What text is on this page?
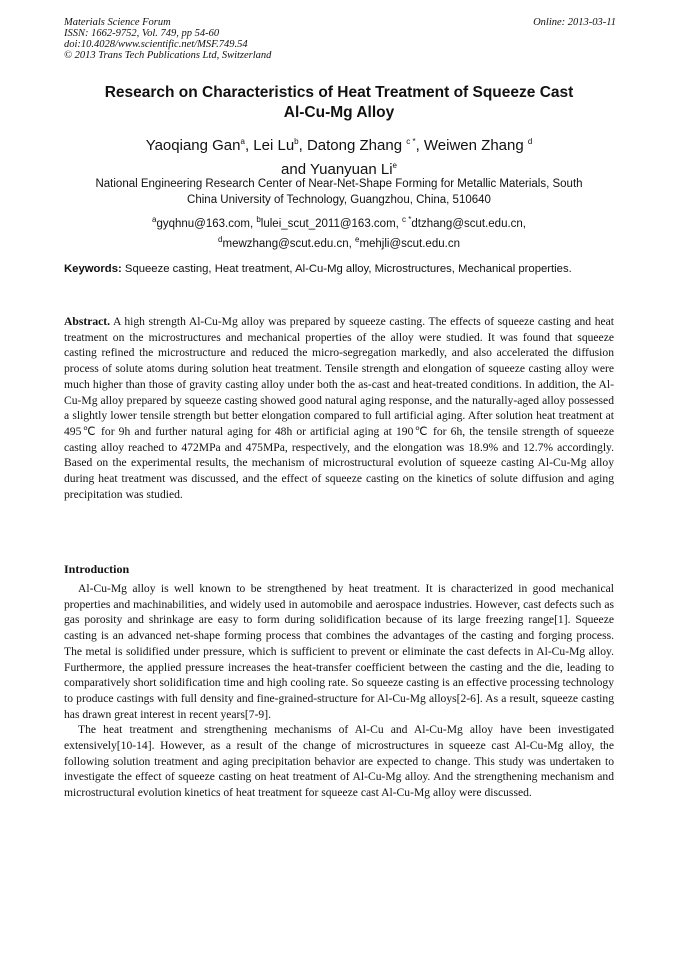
Materials Science Forum
ISSN: 1662-9752, Vol. 749, pp 54-60
doi:10.4028/www.scientific.net/MSF.749.54
© 2013 Trans Tech Publications Ltd, Switzerland
Online: 2013-03-11
Research on Characteristics of Heat Treatment of Squeeze Cast
Al-Cu-Mg Alloy
Yaoqiang Gan$^a$, Lei Lu$^b$, Datong Zhang $^{c *}$, Weiwen Zhang $^d$
and Yuanyuan Li$^e$
National Engineering Research Center of Near-Net-Shape Forming for Metallic Materials, South
China University of Technology, Guangzhou, China, 510640
$^a$gyqhnu@163.com, $^b$lulei_scut_2011@163.com, $^{c *}$dtzhang@scut.edu.cn,
$^d$mewzhang@scut.edu.cn, $^e$mehjli@scut.edu.cn
Keywords: Squeeze casting, Heat treatment, Al-Cu-Mg alloy, Microstructures, Mechanical properties.
Abstract. A high strength Al-Cu-Mg alloy was prepared by squeeze casting. The effects of squeeze casting and heat treatment on the microstructures and mechanical properties of the alloy were studied. It was found that squeeze casting refined the microstructure and reduced the micro-segregation markedly, and also accelerated the diffusion process of solute atoms during solution heat treatment. Tensile strength and elongation of squeeze casting alloy were much higher than those of gravity casting alloy under both the as-cast and heat-treated conditions. In addition, the Al-Cu-Mg alloy prepared by squeeze casting showed good natural aging response, and the naturally-aged alloy possessed a slightly lower tensile strength but better elongation compared to full artificial aging. After solution heat treatment at 495℃ for 9h and further natural aging for 48h or artificial aging at 190℃ for 6h, the tensile strength of squeeze casting alloy reached to 472MPa and 475MPa, respectively, and the elongation was 18.9% and 12.7% accordingly. Based on the experimental results, the mechanism of microstructural evolution of squeeze casting Al-Cu-Mg alloy during heat treatment was discussed, and the effect of squeeze casting on the kinetics of solute diffusion and aging precipitation was studied.
Introduction

Al-Cu-Mg alloy is well known to be strengthened by heat treatment. It is characterized in good mechanical properties and machinabilities, and widely used in automobile and aerospace industries. However, cast defects such as gas porosity and shrinkage are easy to form during solidification because of its large freezing range[1]. Squeeze casting is an advanced net-shape forming process that combines the advantages of the casting and forging process. The metal is solidified under pressure, which is sufficient to prevent or eliminate the cast defects in Al-Cu-Mg alloy. Furthermore, the applied pressure increases the heat-transfer coefficient between the casting and the die, leading to comparatively short solidification time and high cooling rate. So squeeze casting is an effective processing technology to produce castings with full density and fine-grained-structure for Al-Cu-Mg alloys[2-6]. As a result, squeeze casting has drawn great interest in recent years[7-9].

The heat treatment and strengthening mechanisms of Al-Cu and Al-Cu-Mg alloy have been investigated extensively[10-14]. However, as a result of the change of microstructures in squeeze cast Al-Cu-Mg alloy, the following solution treatment and aging precipitation behavior are expected to change. This study was undertaken to investigate the effect of squeeze casting on heat treatment of Al-Cu-Mg alloy. And the strengthening mechanism and microstructural evolution kinetics of heat treatment for squeeze cast Al-Cu-Mg alloy were discussed.
